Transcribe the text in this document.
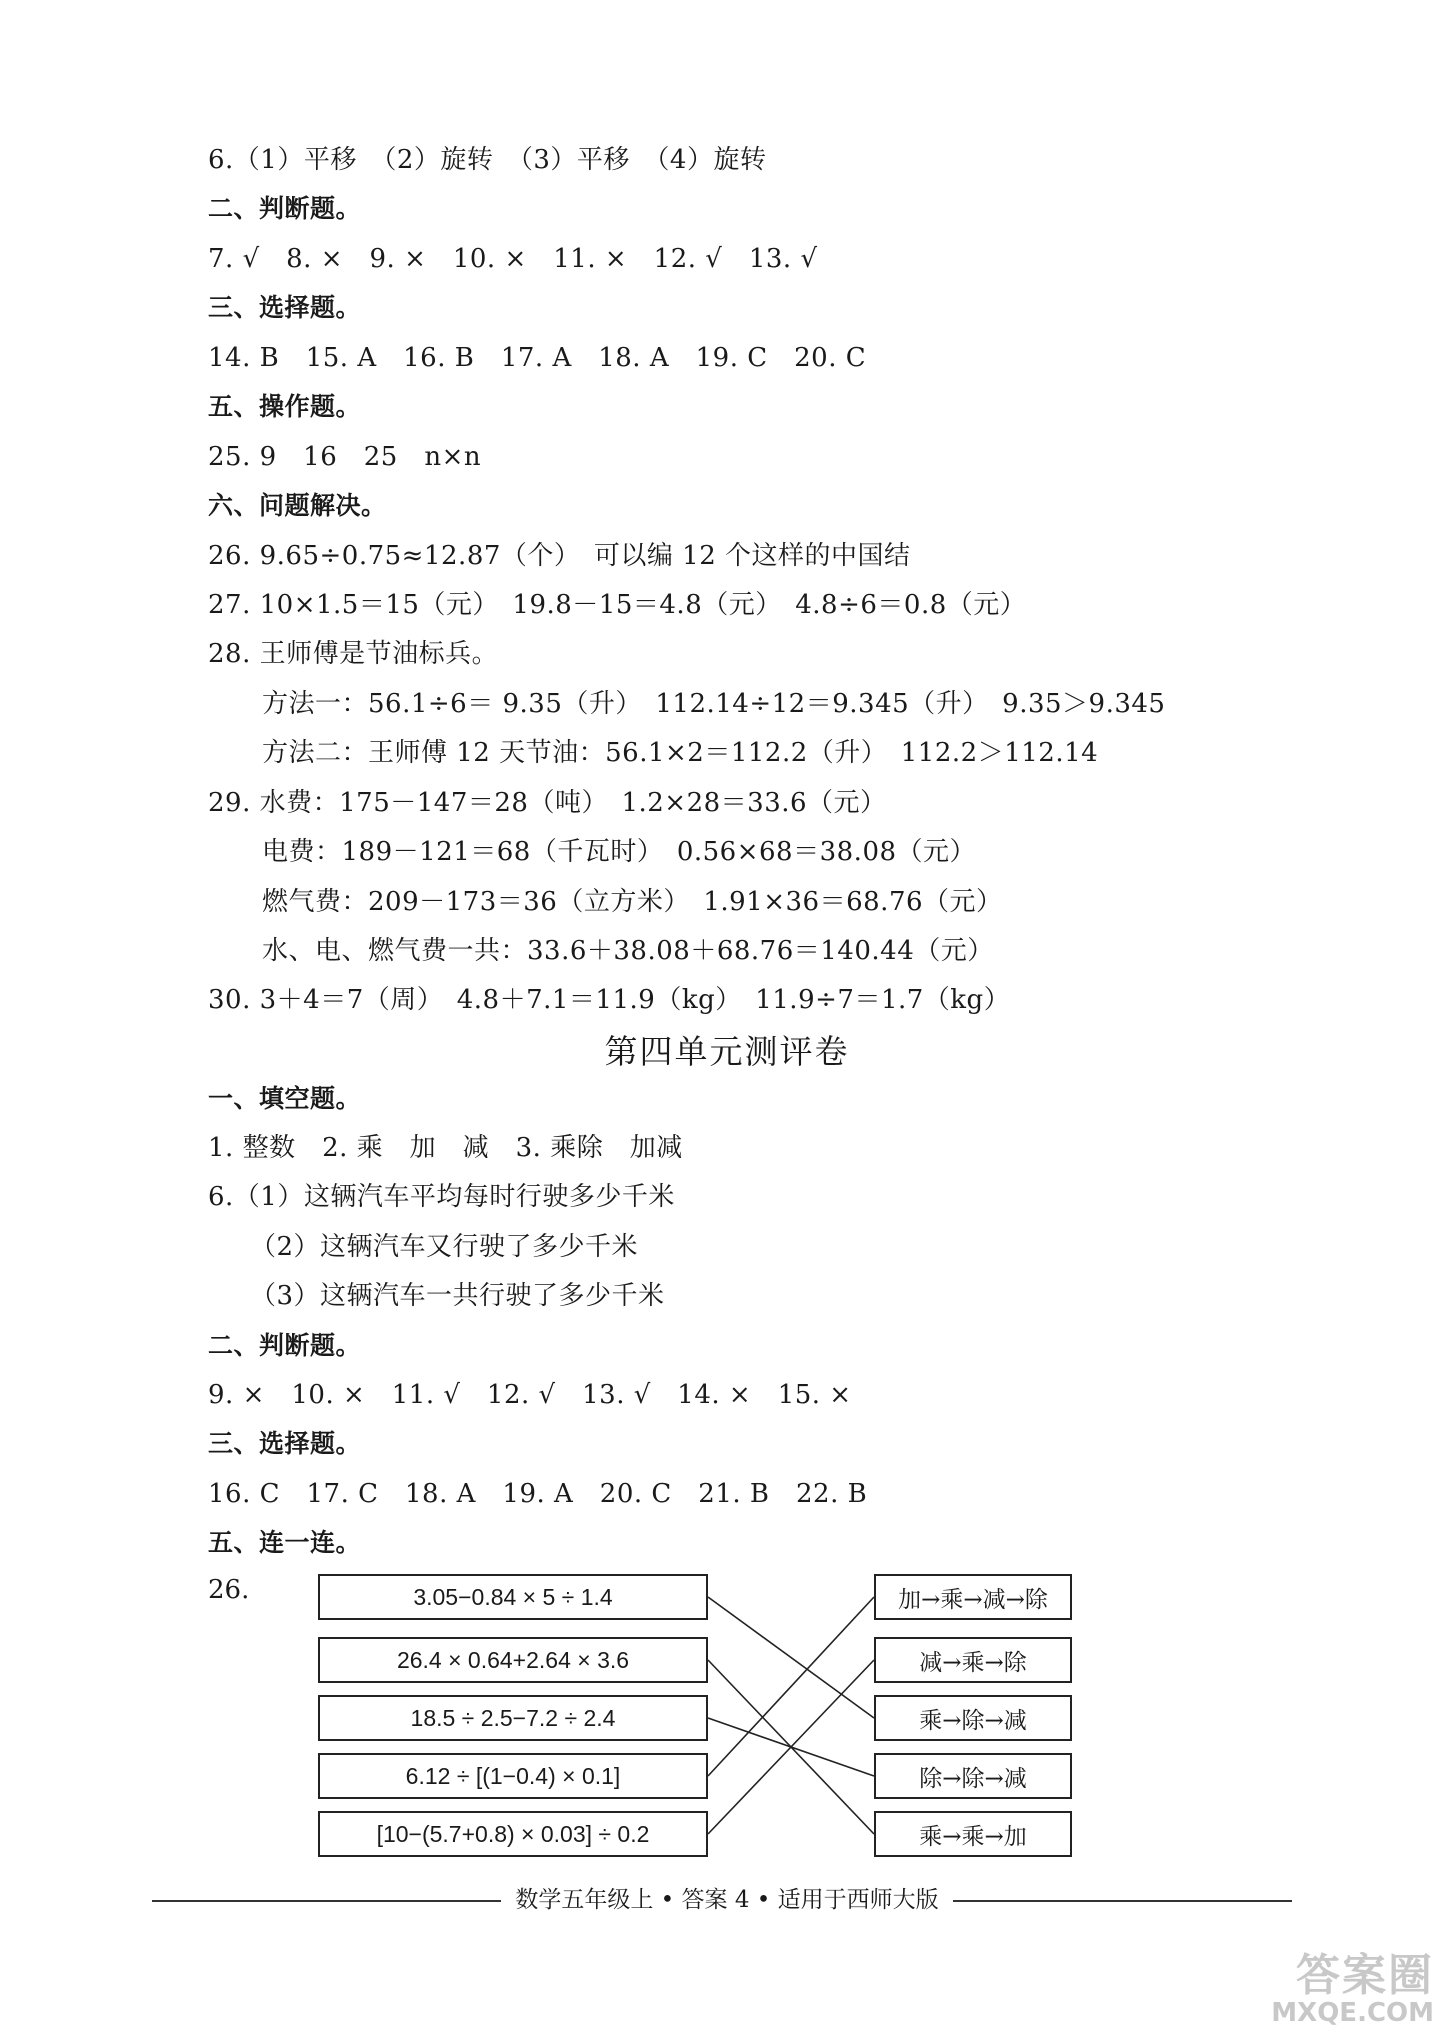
6.（1）平移　（2）旋转　（3）平移　（4）旋转
二、判断题。
7. √　8. ×　9. ×　10. ×　11. ×　12. √　13. √
三、选择题。
14. B　15. A　16. B　17. A　18. A　19. C　20. C
五、操作题。
25. 9　16　25　n×n
六、问题解决。
26. 9.65÷0.75≈12.87（个）　可以编 12 个这样的中国结
27. 10×1.5＝15（元）　19.8－15＝4.8（元）　4.8÷6＝0.8（元）
28. 王师傅是节油标兵。
方法一：56.1÷6＝ 9.35（升）　112.14÷12＝9.345（升）　9.35＞9.345
方法二：王师傅 12 天节油：56.1×2＝112.2（升）　112.2＞112.14
29. 水费：175－147＝28（吨）　1.2×28＝33.6（元）
电费：189－121＝68（千瓦时）　0.56×68＝38.08（元）
燃气费：209－173＝36（立方米）　1.91×36＝68.76（元）
水、电、燃气费一共：33.6＋38.08＋68.76＝140.44（元）
30. 3＋4＝7（周）　4.8＋7.1＝11.9（kg）　11.9÷7＝1.7（kg）
第四单元测评卷
一、填空题。
1. 整数　2. 乘　加　减　3. 乘除　加减
6.（1）这辆汽车平均每时行驶多少千米
（2）这辆汽车又行驶了多少千米
（3）这辆汽车一共行驶了多少千米
二、判断题。
9. ×　10. ×　11. √　12. √　13. √　14. ×　15. ×
三、选择题。
16. C　17. C　18. A　19. A　20. C　21. B　22. B
五、连一连。
26.	3.05−0.84 × 5 ÷ 1.4
26.4 × 0.64+2.64 × 3.6
18.5 ÷ 2.5−7.2 ÷ 2.4
6.12 ÷ [(1−0.4) × 0.1]
[10−(5.7+0.8) × 0.03] ÷ 0.2
加→乘→减→除
减→乘→除
乘→除→减
除→除→减
乘→乘→加
数学五年级上 • 答案 4 • 适用于西师大版
答案圈
MXQE.COM
